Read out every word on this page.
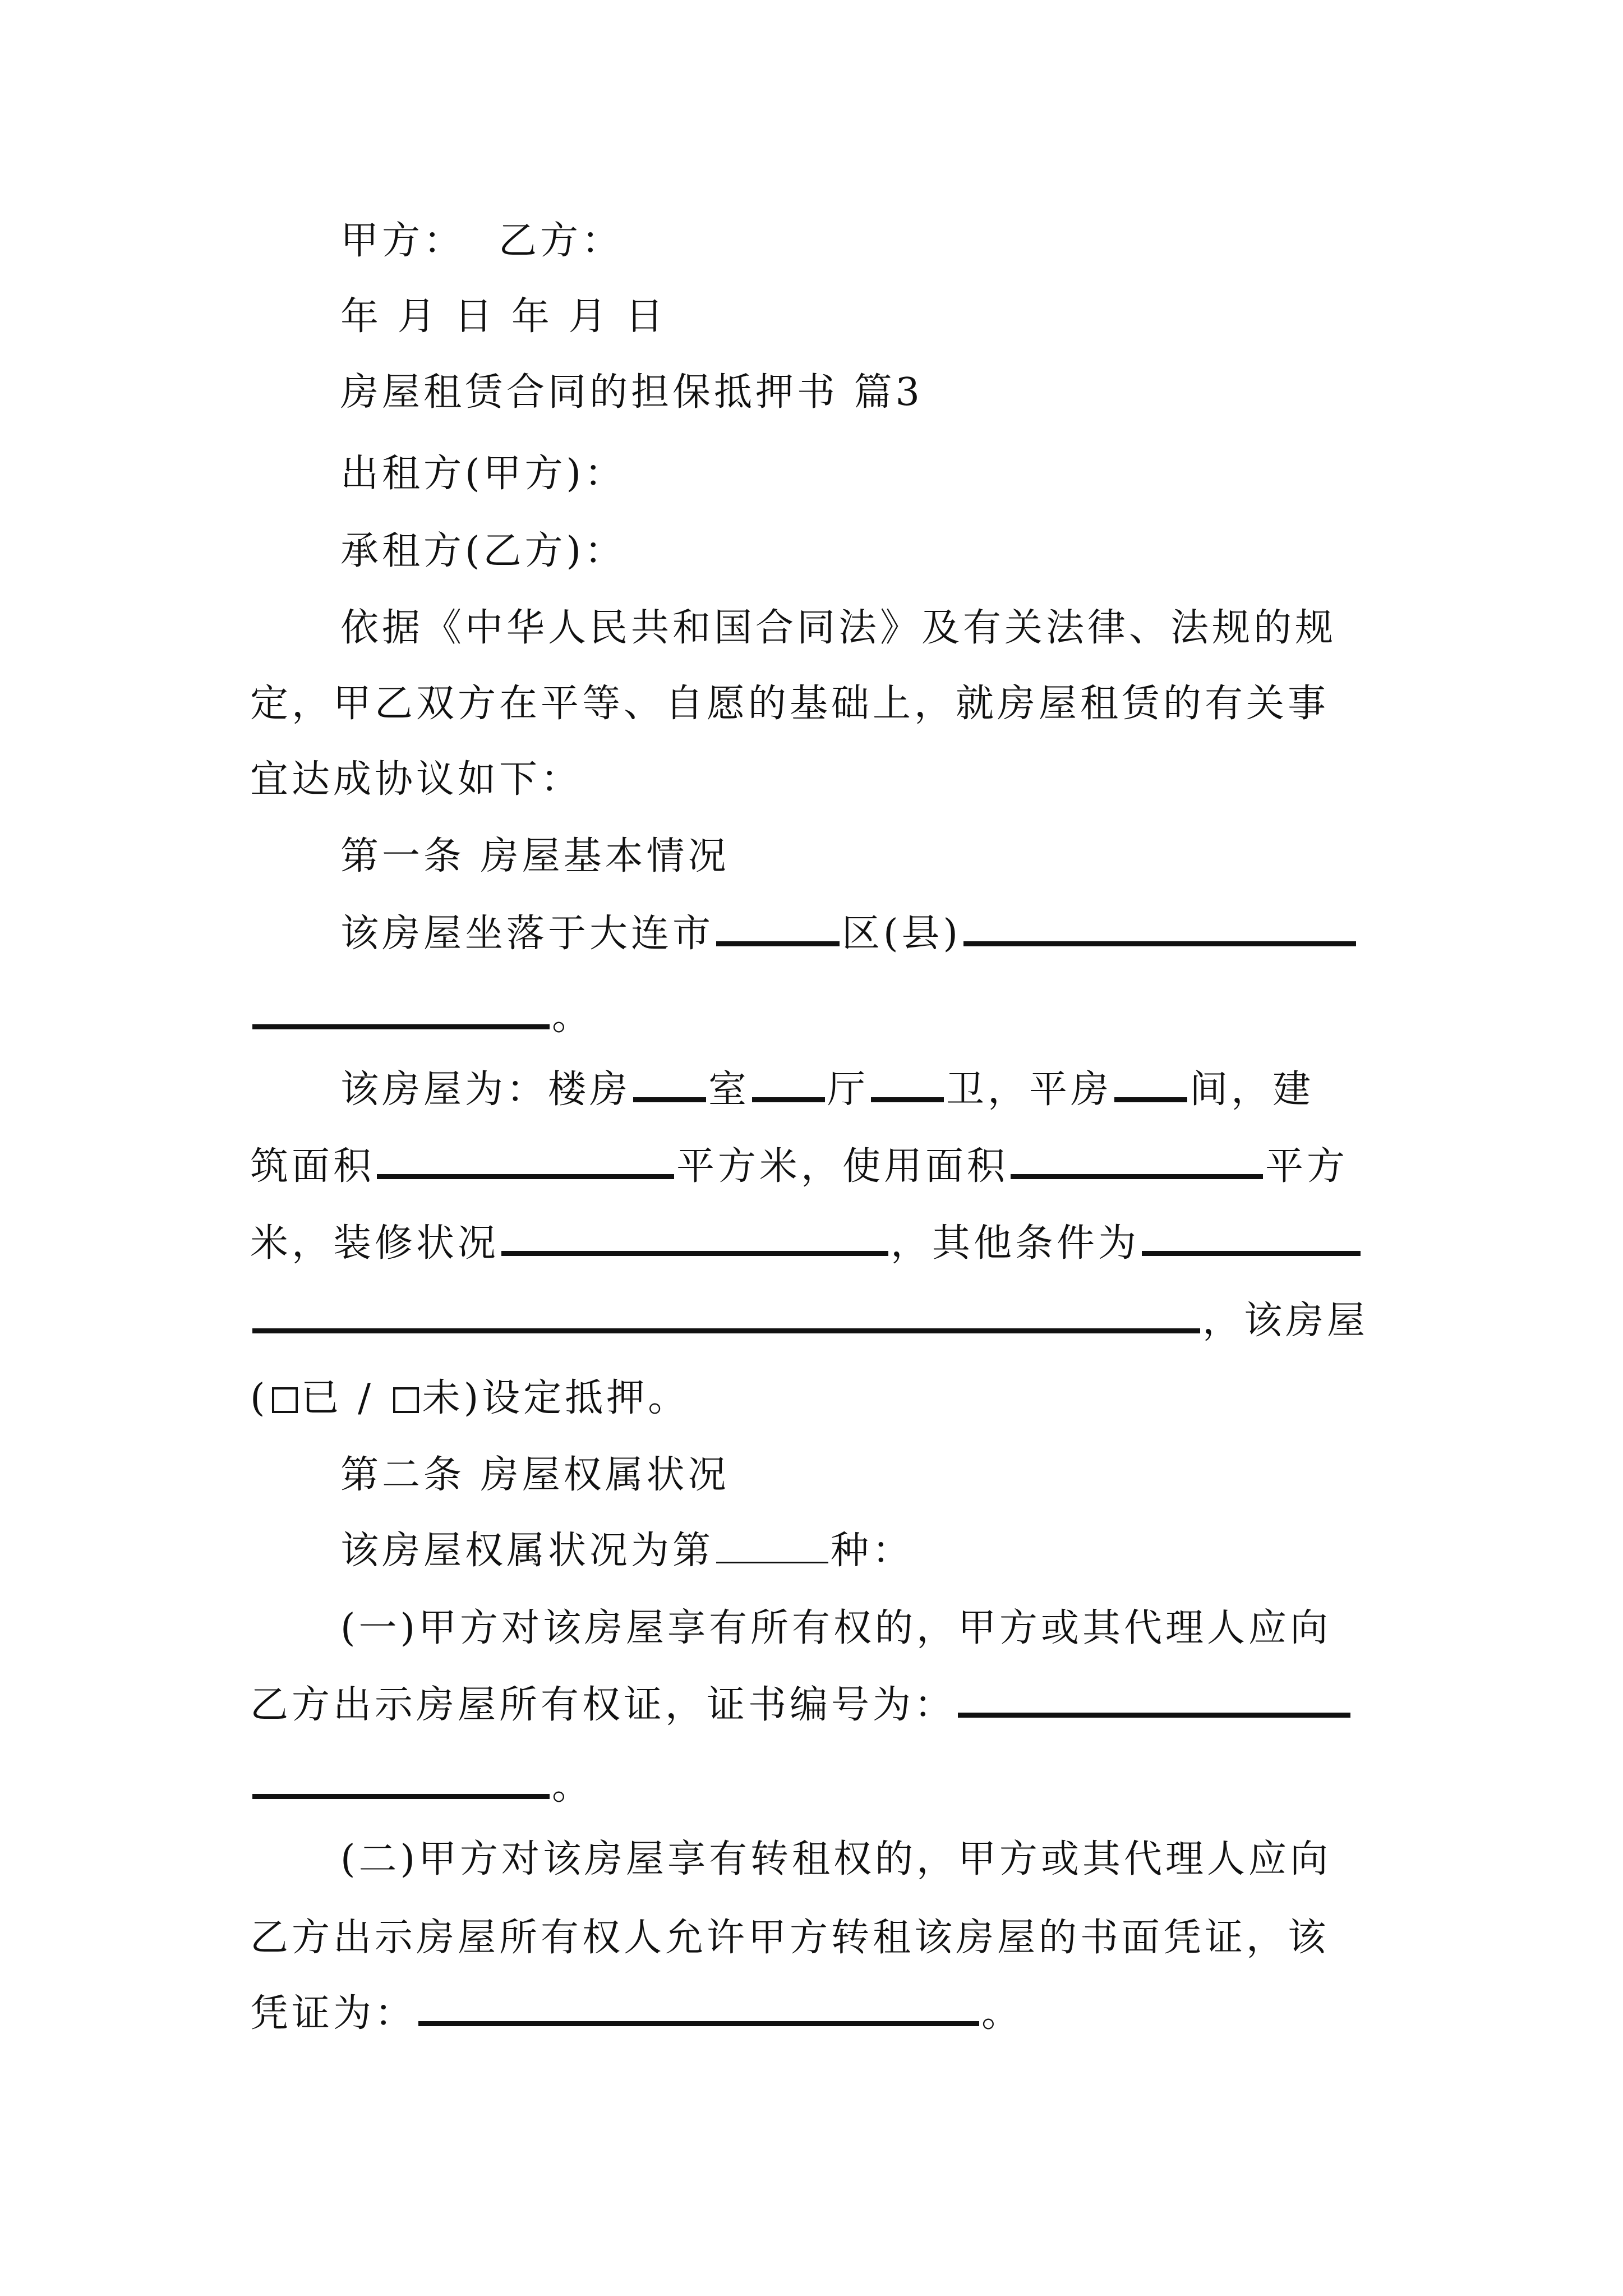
甲方： 乙方：
年 月 日 年 月 日
房屋租赁合同的担保抵押书 篇3
出租方(甲方)：
承租方(乙方)：
依据《中华人民共和国合同法》及有关法律、法规的规
定，甲乙双方在平等、自愿的基础上，就房屋租赁的有关事
宜达成协议如下：
第一条 房屋基本情况
该房屋坐落于大连市	区(县)
。
该房屋为：楼房 室 厅 卫，平房 间，建
筑面积	平方米，使用面积	平方
米，装修状况	，其他条件为
，该房屋
( 已 / 未)设定抵押。
第二条 房屋权属状况
该房屋权属状况为第	种：
(一)甲方对该房屋享有所有权的，甲方或其代理人应向
乙方出示房屋所有权证，证书编号为：
。
(二)甲方对该房屋享有转租权的，甲方或其代理人应向
乙方出示房屋所有权人允许甲方转租该房屋的书面凭证，该
凭证为：	。
